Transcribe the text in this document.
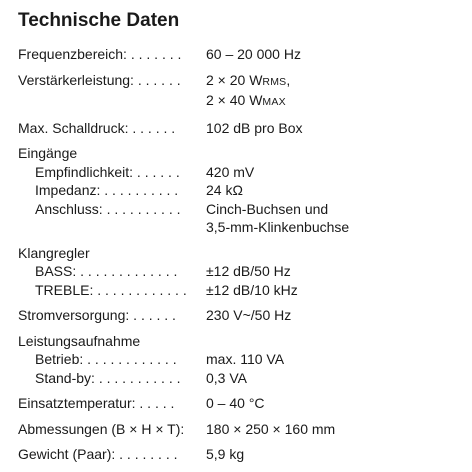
Technische Daten
Frequenzbereich: . . . . . . .	60 – 20 000 Hz
Verstärkerleistung: . . . . . .	2 × 20 WRMS,
2 × 40 WMAX
Max. Schalldruck: . . . . . .	102 dB pro Box
Eingänge
Empfindlichkeit: . . . . . .	420 mV
Impedanz: . . . . . . . . . .	24 kΩ
Anschluss: . . . . . . . . . .	Cinch-Buchsen und
3,5-mm-Klinkenbuchse
Klangregler
BASS: . . . . . . . . . . . . .	±12 dB/50 Hz
TREBLE: . . . . . . . . . . . .	±12 dB/10 kHz
Stromversorgung: . . . . . .	230 V~/50 Hz
Leistungsaufnahme
Betrieb: . . . . . . . . . . . .	max. 110 VA
Stand-by: . . . . . . . . . . .	0,3 VA
Einsatztemperatur: . . . . .	0 – 40 °C
Abmessungen (B × H × T):	180 × 250 × 160 mm
Gewicht (Paar): . . . . . . . .	5,9 kg
